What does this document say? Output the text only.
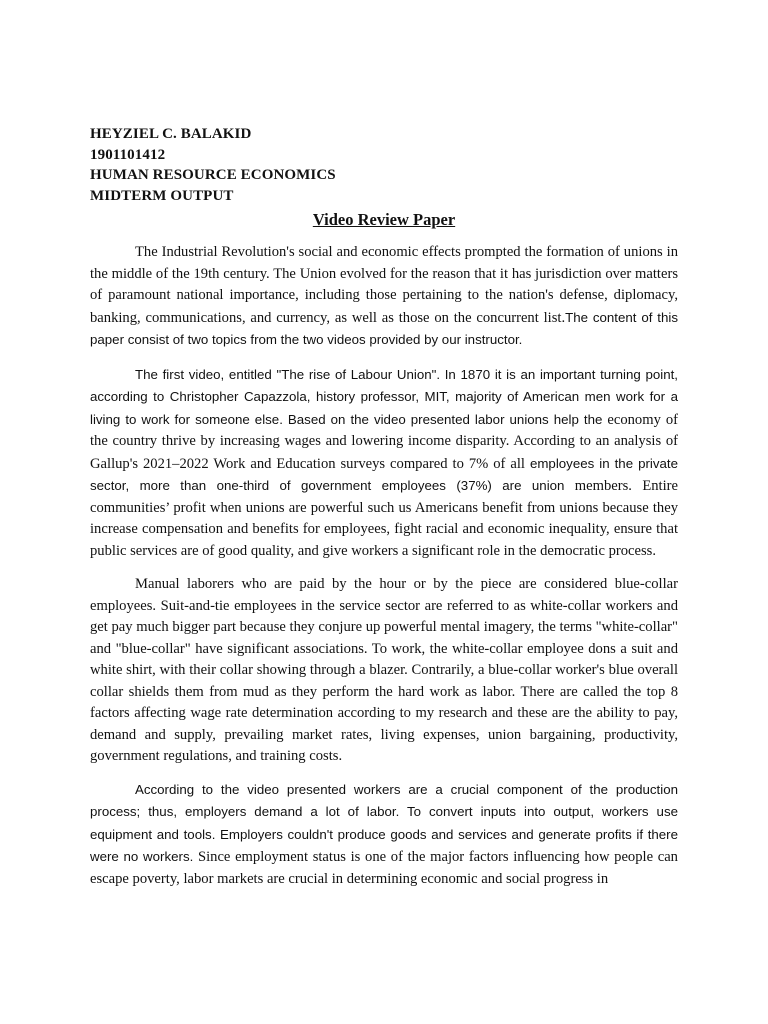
HEYZIEL C. BALAKID
1901101412
HUMAN RESOURCE ECONOMICS
MIDTERM OUTPUT
Video Review Paper

The Industrial Revolution's social and economic effects prompted the formation of unions in the middle of the 19th century. The Union evolved for the reason that it has jurisdiction over matters of paramount national importance, including those pertaining to the nation's defense, diplomacy, banking, communications, and currency, as well as those on the concurrent list.The content of this paper consist of two topics from the two videos provided by our instructor.

The first video, entitled "The rise of Labour Union". In 1870 it is an important turning point, according to Christopher Capazzola, history professor, MIT, majority of American men work for a living to work for someone else. Based on the video presented labor unions help the economy of the country thrive by increasing wages and lowering income disparity. According to an analysis of Gallup's 2021–2022 Work and Education surveys compared to 7% of all employees in the private sector, more than one-third of government employees (37%) are union members. Entire communities’ profit when unions are powerful such us Americans benefit from unions because they increase compensation and benefits for employees, fight racial and economic inequality, ensure that public services are of good quality, and give workers a significant role in the democratic process.

Manual laborers who are paid by the hour or by the piece are considered blue-collar employees. Suit-and-tie employees in the service sector are referred to as white-collar workers and get pay much bigger part because they conjure up powerful mental imagery, the terms "white-collar" and "blue-collar" have significant associations. To work, the white-collar employee dons a suit and white shirt, with their collar showing through a blazer. Contrarily, a blue-collar worker's blue overall collar shields them from mud as they perform the hard work as labor. There are called the top 8 factors affecting wage rate determination according to my research and these are the ability to pay, demand and supply, prevailing market rates, living expenses, union bargaining, productivity, government regulations, and training costs.

According to the video presented workers are a crucial component of the production process; thus, employers demand a lot of labor. To convert inputs into output, workers use equipment and tools. Employers couldn't produce goods and services and generate profits if there were no workers. Since employment status is one of the major factors influencing how people can escape poverty, labor markets are crucial in determining economic and social progress in
